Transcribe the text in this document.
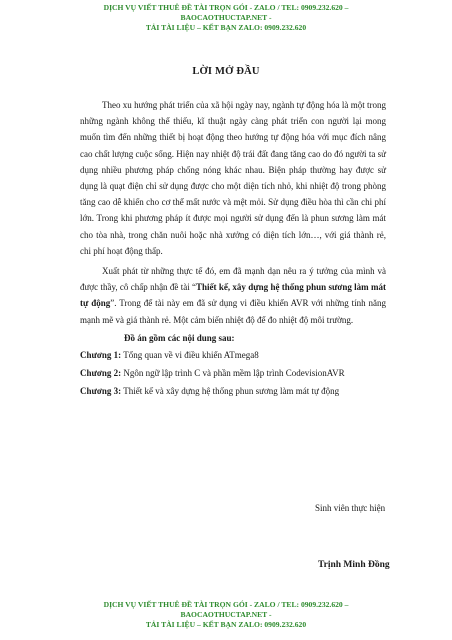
DỊCH VỤ VIẾT THUÊ ĐỀ TÀI TRỌN GÓI - ZALO / TEL: 0909.232.620 –
BAOCAOTHUCTAP.NET -
TẢI TÀI LIỆU – KẾT BẠN ZALO: 0909.232.620
LỜI MỞ ĐẦU

Theo xu hướng phát triển của xã hội ngày nay, ngành tự động hóa là một trong những ngành không thể thiếu, kĩ thuật ngày càng phát triển con người lại mong muốn tìm đến những thiết bị hoạt động theo hướng tự động hóa với mục đích nâng cao chất lượng cuộc sống. Hiện nay nhiệt độ trái đất đang tăng cao do đó người ta sử dụng nhiều phương pháp chống nóng khác nhau. Biện pháp thường hay được sử dụng là quạt điện chỉ sử dụng được cho một diện tích nhỏ, khi nhiệt độ trong phòng tăng cao dễ khiến cho cơ thể mất nước và mệt mỏi. Sử dụng điều hòa thì cần chi phí lớn. Trong khi phương pháp ít được mọi người sử dụng đến là phun sương làm mát cho tòa nhà, trong chăn nuôi hoặc nhà xưởng có diện tích lớn…, với giá thành rẻ, chi phí hoạt động thấp.

Xuất phát từ những thực tế đó, em đã mạnh dạn nêu ra ý tưởng của mình và được thầy, cô chấp nhận đề tài “Thiết kế, xây dựng hệ thống phun sương làm mát tự động”. Trong để tài này em đã sử dụng vi điều khiển AVR với những tính năng mạnh mẽ và giá thành rẻ. Một cảm biến nhiệt độ để đo nhiệt độ môi trường.

Đồ án gồm các nội dung sau:

Chương 1: Tổng quan về vi điều khiển ATmega8

Chương 2: Ngôn ngữ lập trình C và phần mềm lập trình CodevisionAVR

Chương 3: Thiết kế và xây dựng hệ thống phun sương làm mát tự động

Sinh viên thực hiện
Trịnh Minh Đồng
DỊCH VỤ VIẾT THUÊ ĐỀ TÀI TRỌN GÓI - ZALO / TEL: 0909.232.620 –
BAOCAOTHUCTAP.NET -
TẢI TÀI LIỆU – KẾT BẠN ZALO: 0909.232.620
